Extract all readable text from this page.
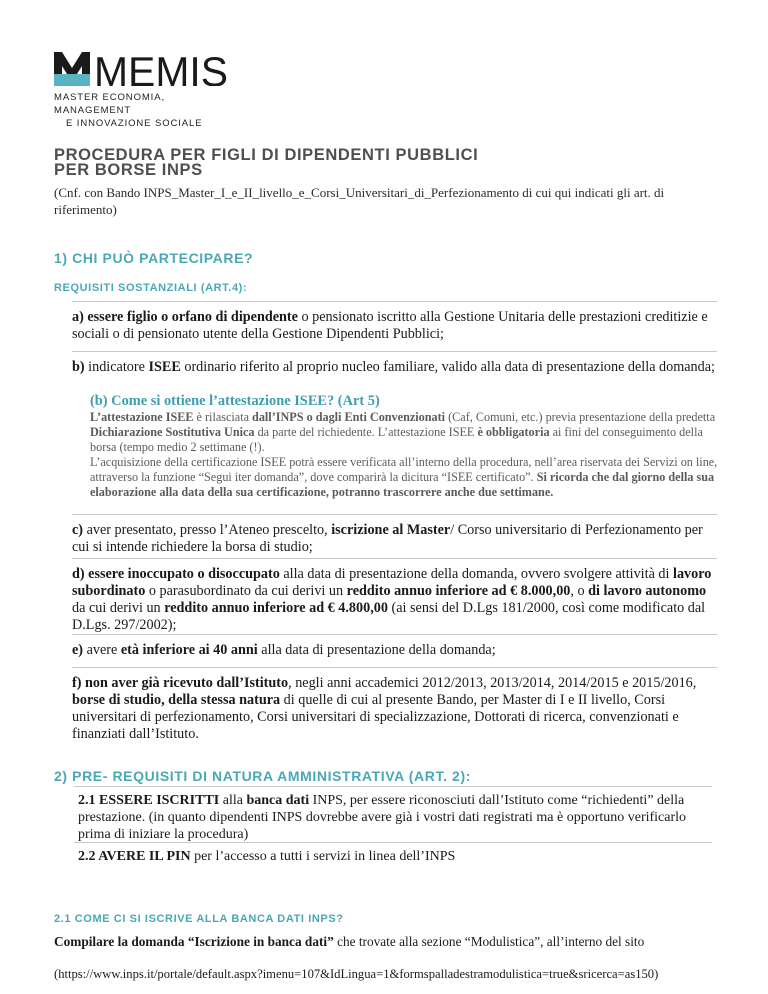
MEMIS
MASTER ECONOMIA, MANAGEMENT
E INNOVAZIONE SOCIALE
PROCEDURA PER FIGLI DI DIPENDENTI PUBBLICI
PER BORSE INPS
(Cnf. con Bando INPS_Master_I_e_II_livello_e_Corsi_Universitari_di_Perfezionamento di cui qui indicati gli art. di riferimento)
1) CHI PUÒ PARTECIPARE?
REQUISITI SOSTANZIALI (ART.4):
a) essere figlio o orfano di dipendente o pensionato iscritto alla Gestione Unitaria delle prestazioni creditizie e sociali o di pensionato utente della Gestione Dipendenti Pubblici;
b) indicatore ISEE ordinario riferito al proprio nucleo familiare, valido alla data di presentazione della domanda;
(b) Come si ottiene l’attestazione ISEE? (Art 5)
L’attestazione ISEE è rilasciata dall’INPS o dagli Enti Convenzionati (Caf, Comuni, etc.) previa presentazione della predetta Dichiarazione Sostitutiva Unica da parte del richiedente. L’attestazione ISEE è obbligatoria ai fini del conseguimento della borsa (tempo medio 2 settimane (!).
L’acquisizione della certificazione ISEE potrà essere verificata all’interno della procedura, nell’area riservata dei Servizi on line, attraverso la funzione “Segui iter domanda”, dove comparirà la dicitura “ISEE certificato”. Si ricorda che dal giorno della sua elaborazione alla data della sua certificazione, potranno trascorrere anche due settimane.
c) aver presentato, presso l’Ateneo prescelto, iscrizione al Master/ Corso universitario di Perfezionamento per cui si intende richiedere la borsa di studio;
d) essere inoccupato o disoccupato alla data di presentazione della domanda, ovvero svolgere attività di lavoro subordinato o parasubordinato da cui derivi un reddito annuo inferiore ad € 8.000,00, o di lavoro autonomo da cui derivi un reddito annuo inferiore ad € 4.800,00 (ai sensi del D.Lgs 181/2000, così come modificato dal D.Lgs. 297/2002);
e) avere età inferiore ai 40 anni alla data di presentazione della domanda;
f) non aver già ricevuto dall’Istituto, negli anni accademici 2012/2013, 2013/2014, 2014/2015 e 2015/2016, borse di studio, della stessa natura di quelle di cui al presente Bando, per Master di I e II livello, Corsi universitari di perfezionamento, Corsi universitari di specializzazione, Dottorati di ricerca, convenzionati e finanziati dall’Istituto.
2) PRE- REQUISITI DI NATURA AMMINISTRATIVA (ART. 2):
2.1 ESSERE ISCRITTI alla banca dati INPS, per essere riconosciuti dall’Istituto come “richiedenti” della prestazione. (in quanto dipendenti INPS dovrebbe avere già i vostri dati registrati ma è opportuno verificarlo prima di iniziare la procedura)
2.2 AVERE IL PIN per l’accesso a tutti i servizi in linea dell’INPS
2.1 COME CI SI ISCRIVE ALLA BANCA DATI INPS?
Compilare la domanda “Iscrizione in banca dati” che trovate alla sezione “Modulistica”, all’interno del sito
(https://www.inps.it/portale/default.aspx?imenu=107&IdLingua=1&formspalladestramodulistica=true&sricerca=as150)
